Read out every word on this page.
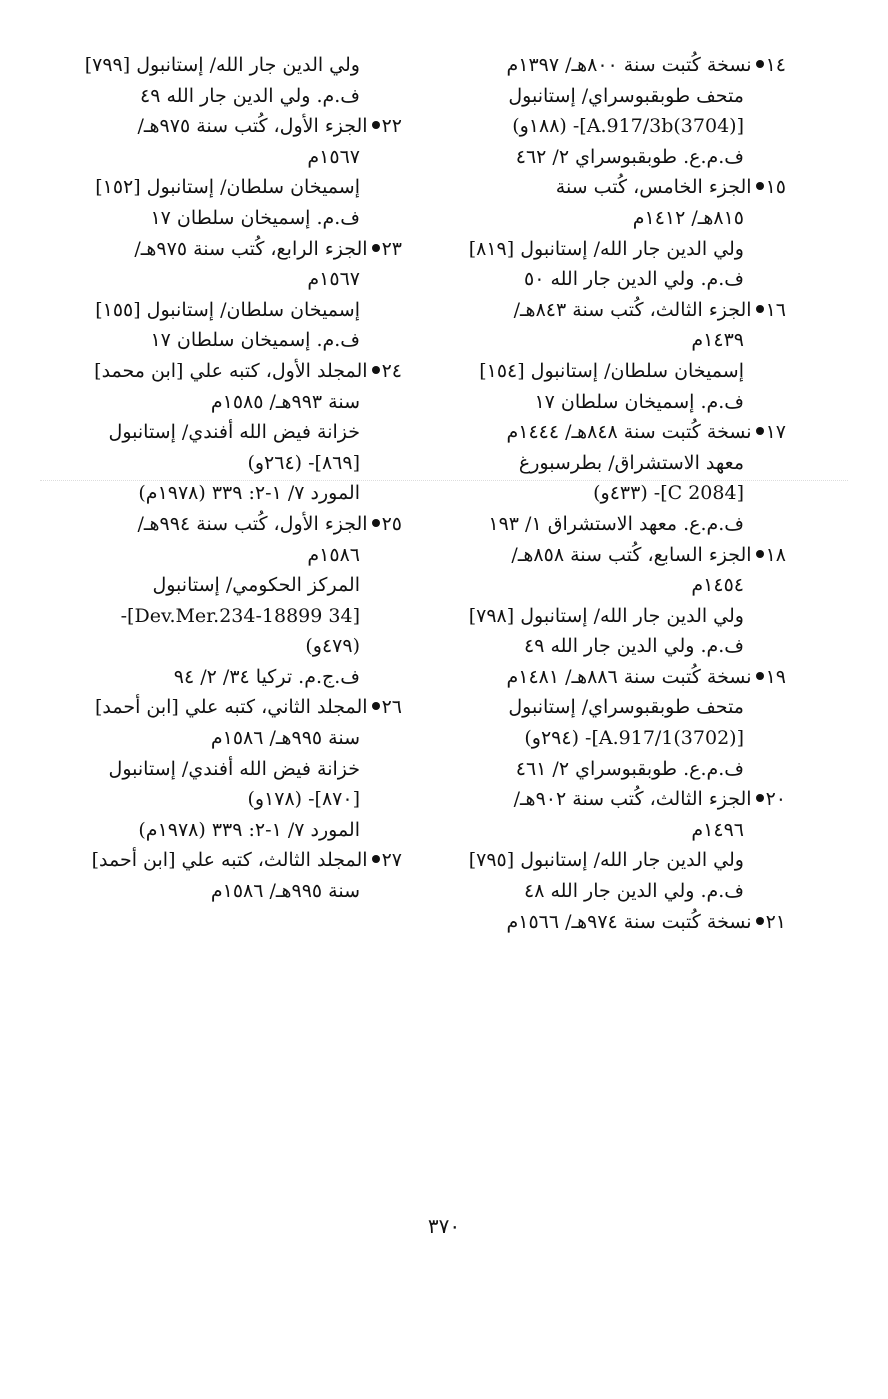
١٤نسخة كُتبت سنة ٨٠٠هـ/ ١٣٩٧م
متحف طوبقبوسراي/ إستانبول
[A.917/3b(3704)]- (١٨٨و)
ف.م.ع. طوبقبوسراي ٢/ ٤٦٢
١٥الجزء الخامس، كُتب سنة
٨١٥هـ/ ١٤١٢م
ولي الدين جار الله/ إستانبول [٨١٩]
ف.م. ولي الدين جار الله ٥٠
١٦الجزء الثالث، كُتب سنة ٨٤٣هـ/
١٤٣٩م
إسميخان سلطان/ إستانبول [١٥٤]
ف.م. إسميخان سلطان ١٧
١٧نسخة كُتبت سنة ٨٤٨هـ/ ١٤٤٤م
معهد الاستشراق/ بطرسبورغ
[C 2084]- (٤٣٣و)
ف.م.ع. معهد الاستشراق ١/ ١٩٣
١٨الجزء السابع، كُتب سنة ٨٥٨هـ/
١٤٥٤م
ولي الدين جار الله/ إستانبول [٧٩٨]
ف.م. ولي الدين جار الله ٤٩
١٩نسخة كُتبت سنة ٨٨٦هـ/ ١٤٨١م
متحف طوبقبوسراي/ إستانبول
[A.917/1(3702)]- (٢٩٤و)
ف.م.ع. طوبقبوسراي ٢/ ٤٦١
٢٠الجزء الثالث، كُتب سنة ٩٠٢هـ/
١٤٩٦م
ولي الدين جار الله/ إستانبول [٧٩٥]
ف.م. ولي الدين جار الله ٤٨
٢١نسخة كُتبت سنة ٩٧٤هـ/ ١٥٦٦م
ولي الدين جار الله/ إستانبول [٧٩٩]
ف.م. ولي الدين جار الله ٤٩
٢٢الجزء الأول، كُتب سنة ٩٧٥هـ/
١٥٦٧م
إسميخان سلطان/ إستانبول [١٥٢]
ف.م. إسميخان سلطان ١٧
٢٣الجزء الرابع، كُتب سنة ٩٧٥هـ/
١٥٦٧م
إسميخان سلطان/ إستانبول [١٥٥]
ف.م. إسميخان سلطان ١٧
٢٤المجلد الأول، كتبه علي [ابن محمد]
سنة ٩٩٣هـ/ ١٥٨٥م
خزانة فيض الله أفندي/ إستانبول
[٨٦٩]- (٢٦٤و)
المورد ٧/ ١-٢: ٣٣٩ (١٩٧٨م)
٢٥الجزء الأول، كُتب سنة ٩٩٤هـ/
١٥٨٦م
المركز الحكومي/ إستانبول
[34 Dev.Mer.234-18899]-
(٤٧٩و)
ف.ج.م. تركيا ٣٤/ ٢/ ٩٤
٢٦المجلد الثاني، كتبه علي [ابن أحمد]
سنة ٩٩٥هـ/ ١٥٨٦م
خزانة فيض الله أفندي/ إستانبول
[٨٧٠]- (١٧٨و)
المورد ٧/ ١-٢: ٣٣٩ (١٩٧٨م)
٢٧المجلد الثالث، كتبه علي [ابن أحمد]
سنة ٩٩٥هـ/ ١٥٨٦م
٣٧٠
